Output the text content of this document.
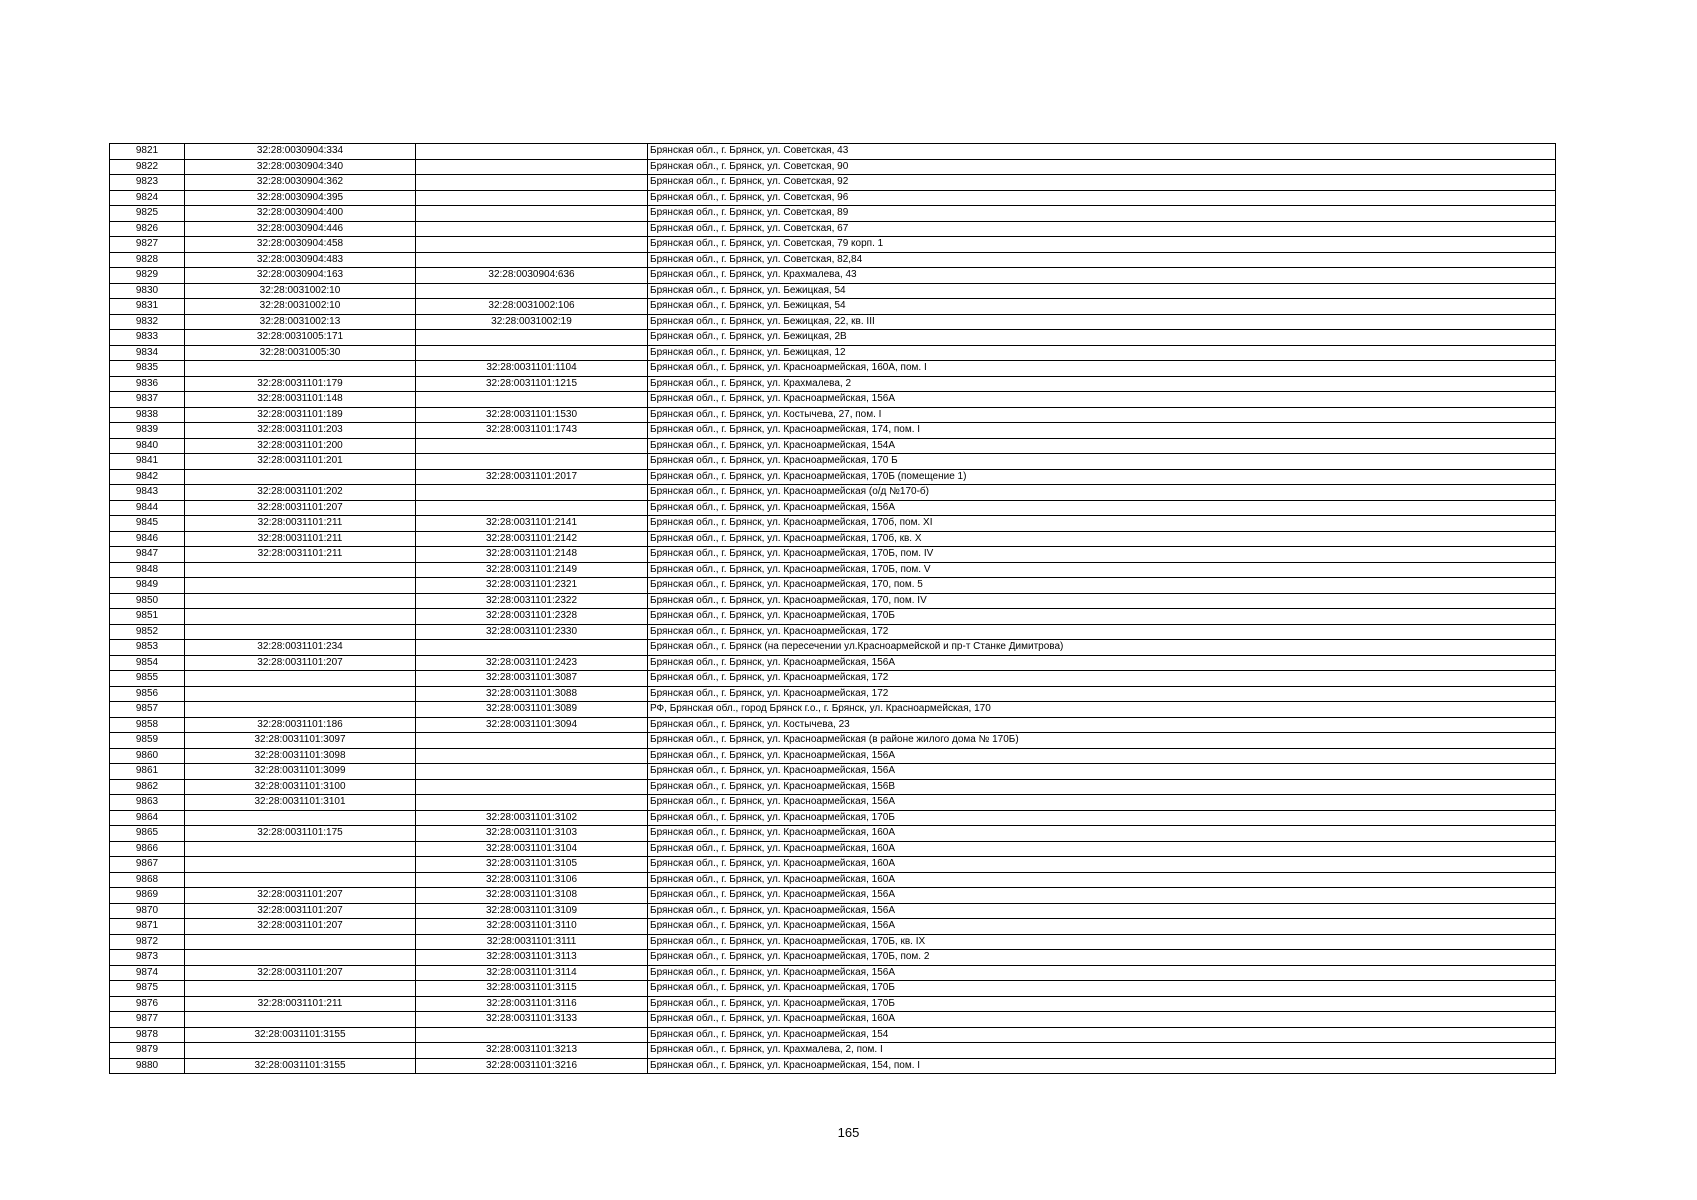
9821	32:28:0030904:334		Брянская обл., г. Брянск, ул. Советская, 43
9822	32:28:0030904:340		Брянская обл., г. Брянск, ул. Советская, 90
9823	32:28:0030904:362		Брянская обл., г. Брянск, ул. Советская, 92
9824	32:28:0030904:395		Брянская обл., г. Брянск, ул. Советская, 96
9825	32:28:0030904:400		Брянская обл., г. Брянск, ул. Советская, 89
9826	32:28:0030904:446		Брянская обл., г. Брянск, ул. Советская, 67
9827	32:28:0030904:458		Брянская обл., г. Брянск, ул. Советская, 79 корп. 1
9828	32:28:0030904:483		Брянская обл., г. Брянск, ул. Советская, 82,84
9829	32:28:0030904:163	32:28:0030904:636	Брянская обл., г. Брянск, ул. Крахмалева, 43
9830	32:28:0031002:10		Брянская обл., г. Брянск, ул. Бежицкая, 54
9831	32:28:0031002:10	32:28:0031002:106	Брянская обл., г. Брянск, ул. Бежицкая, 54
9832	32:28:0031002:13	32:28:0031002:19	Брянская обл., г. Брянск, ул. Бежицкая, 22, кв. III
9833	32:28:0031005:171		Брянская обл., г. Брянск, ул. Бежицкая, 2В
9834	32:28:0031005:30		Брянская обл., г. Брянск, ул. Бежицкая, 12
9835		32:28:0031101:1104	Брянская обл., г. Брянск, ул. Красноармейская, 160А, пом. I
9836	32:28:0031101:179	32:28:0031101:1215	Брянская обл., г. Брянск, ул. Крахмалева, 2
9837	32:28:0031101:148		Брянская обл., г. Брянск, ул. Красноармейская, 156А
9838	32:28:0031101:189	32:28:0031101:1530	Брянская обл., г. Брянск, ул. Костычева, 27, пом. I
9839	32:28:0031101:203	32:28:0031101:1743	Брянская обл., г. Брянск, ул. Красноармейская, 174, пом. I
9840	32:28:0031101:200		Брянская обл., г. Брянск, ул. Красноармейская, 154А
9841	32:28:0031101:201		Брянская обл., г. Брянск, ул. Красноармейская, 170 Б
9842		32:28:0031101:2017	Брянская обл., г. Брянск, ул. Красноармейская, 170Б (помещение 1)
9843	32:28:0031101:202		Брянская обл., г. Брянск, ул. Красноармейская (о/д №170-б)
9844	32:28:0031101:207		Брянская обл., г. Брянск, ул. Красноармейская, 156А
9845	32:28:0031101:211	32:28:0031101:2141	Брянская обл., г. Брянск, ул. Красноармейская, 170б, пом. XI
9846	32:28:0031101:211	32:28:0031101:2142	Брянская обл., г. Брянск, ул. Красноармейская, 170б, кв. X
9847	32:28:0031101:211	32:28:0031101:2148	Брянская обл., г. Брянск, ул. Красноармейская, 170Б, пом. IV
9848		32:28:0031101:2149	Брянская обл., г. Брянск, ул. Красноармейская, 170Б, пом. V
9849		32:28:0031101:2321	Брянская обл., г. Брянск, ул. Красноармейская, 170, пом. 5
9850		32:28:0031101:2322	Брянская обл., г. Брянск, ул. Красноармейская, 170, пом. IV
9851		32:28:0031101:2328	Брянская обл., г. Брянск, ул. Красноармейская, 170Б
9852		32:28:0031101:2330	Брянская обл., г. Брянск, ул. Красноармейская, 172
9853	32:28:0031101:234		Брянская обл., г. Брянск (на пересечении ул.Красноармейской и пр-т Станке Димитрова)
9854	32:28:0031101:207	32:28:0031101:2423	Брянская обл., г. Брянск, ул. Красноармейская, 156А
9855		32:28:0031101:3087	Брянская обл., г. Брянск, ул. Красноармейская, 172
9856		32:28:0031101:3088	Брянская обл., г. Брянск, ул. Красноармейская, 172
9857		32:28:0031101:3089	РФ, Брянская обл., город Брянск г.о., г. Брянск, ул. Красноармейская, 170
9858	32:28:0031101:186	32:28:0031101:3094	Брянская обл., г. Брянск, ул. Костычева, 23
9859	32:28:0031101:3097		Брянская обл., г. Брянск, ул. Красноармейская (в районе жилого дома № 170Б)
9860	32:28:0031101:3098		Брянская обл., г. Брянск, ул. Красноармейская, 156А
9861	32:28:0031101:3099		Брянская обл., г. Брянск, ул. Красноармейская, 156А
9862	32:28:0031101:3100		Брянская обл., г. Брянск, ул. Красноармейская, 156В
9863	32:28:0031101:3101		Брянская обл., г. Брянск, ул. Красноармейская, 156А
9864		32:28:0031101:3102	Брянская обл., г. Брянск, ул. Красноармейская, 170Б
9865	32:28:0031101:175	32:28:0031101:3103	Брянская обл., г. Брянск, ул. Красноармейская, 160А
9866		32:28:0031101:3104	Брянская обл., г. Брянск, ул. Красноармейская, 160А
9867		32:28:0031101:3105	Брянская обл., г. Брянск, ул. Красноармейская, 160А
9868		32:28:0031101:3106	Брянская обл., г. Брянск, ул. Красноармейская, 160А
9869	32:28:0031101:207	32:28:0031101:3108	Брянская обл., г. Брянск, ул. Красноармейская, 156А
9870	32:28:0031101:207	32:28:0031101:3109	Брянская обл., г. Брянск, ул. Красноармейская, 156А
9871	32:28:0031101:207	32:28:0031101:3110	Брянская обл., г. Брянск, ул. Красноармейская, 156А
9872		32:28:0031101:3111	Брянская обл., г. Брянск, ул. Красноармейская, 170Б, кв. IX
9873		32:28:0031101:3113	Брянская обл., г. Брянск, ул. Красноармейская, 170Б, пом. 2
9874	32:28:0031101:207	32:28:0031101:3114	Брянская обл., г. Брянск, ул. Красноармейская, 156А
9875		32:28:0031101:3115	Брянская обл., г. Брянск, ул. Красноармейская, 170Б
9876	32:28:0031101:211	32:28:0031101:3116	Брянская обл., г. Брянск, ул. Красноармейская, 170Б
9877		32:28:0031101:3133	Брянская обл., г. Брянск, ул. Красноармейская, 160А
9878	32:28:0031101:3155		Брянская обл., г. Брянск, ул. Красноармейская, 154
9879		32:28:0031101:3213	Брянская обл., г. Брянск, ул. Крахмалева, 2, пом. I
9880	32:28:0031101:3155	32:28:0031101:3216	Брянская обл., г. Брянск, ул. Красноармейская, 154, пом. I
165
